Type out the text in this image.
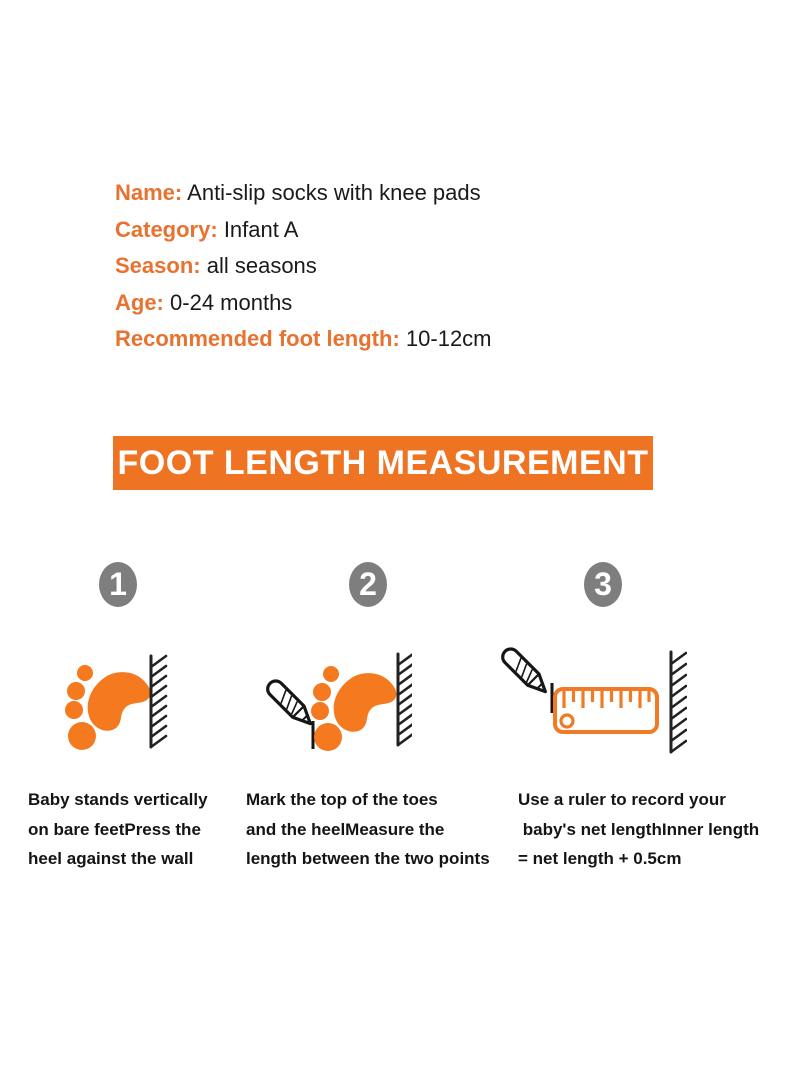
Name: Anti-slip socks with knee pads
Category: Infant A
Season: all seasons
Age: 0-24 months
Recommended foot length: 10-12cm
FOOT LENGTH MEASUREMENT
1	2	3
Baby stands vertically
on bare feetPress the
heel against the wall
Mark the top of the toes
and the heelMeasure the
length between the two points
Use a ruler to record your
baby's net lengthInner length
= net length + 0.5cm
